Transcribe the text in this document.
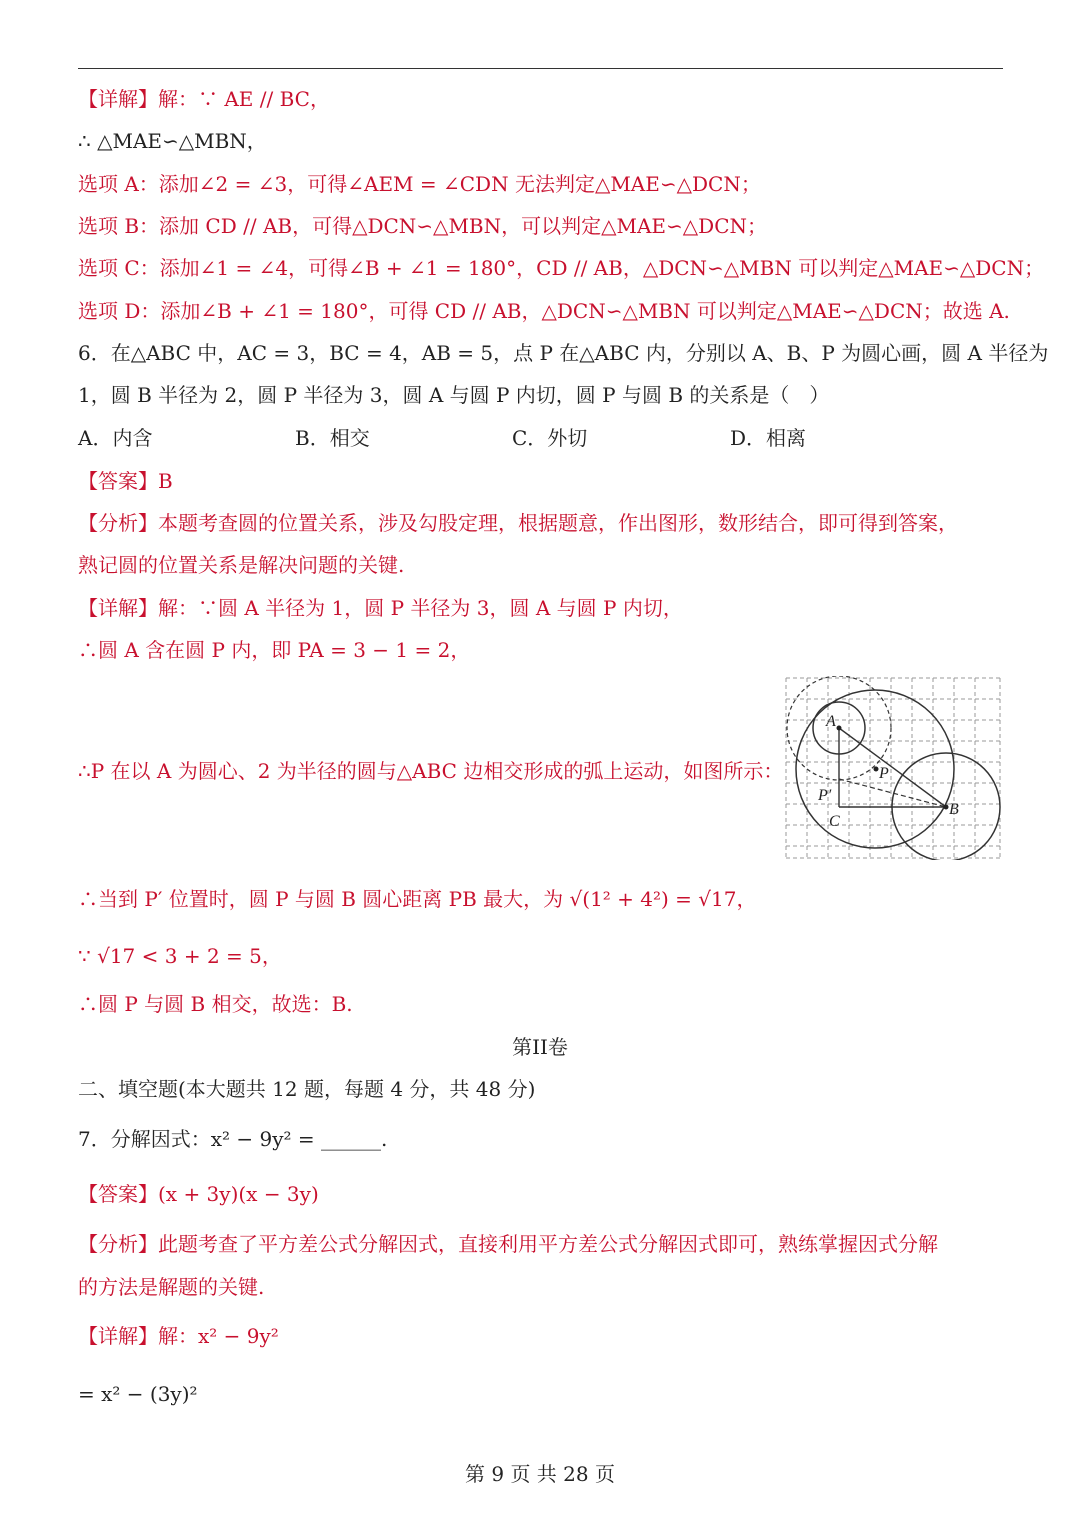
【详解】解：∵ AE // BC，
∴ △MAE∽△MBN，
选项 A：添加∠2 = ∠3，可得∠AEM = ∠CDN 无法判定△MAE∽△DCN；
选项 B：添加 CD // AB，可得△DCN∽△MBN，可以判定△MAE∽△DCN；
选项 C：添加∠1 = ∠4，可得∠B + ∠1 = 180°，CD // AB，△DCN∽△MBN 可以判定△MAE∽△DCN；
选项 D：添加∠B + ∠1 = 180°，可得 CD // AB，△DCN∽△MBN 可以判定△MAE∽△DCN；故选 A.
6．在△ABC 中，AC = 3，BC = 4，AB = 5，点 P 在△ABC 内，分别以 A、B、P 为圆心画，圆 A 半径为
1，圆 B 半径为 2，圆 P 半径为 3，圆 A 与圆 P 内切，圆 P 与圆 B 的关系是（　）
A．内含	B．相交	C．外切	D．相离
【答案】B
【分析】本题考查圆的位置关系，涉及勾股定理，根据题意，作出图形，数形结合，即可得到答案，
熟记圆的位置关系是解决问题的关键.
【详解】解：∵圆 A 半径为 1，圆 P 半径为 3，圆 A 与圆 P 内切，
∴圆 A 含在圆 P 内，即 PA = 3 − 1 = 2，
∴P 在以 A 为圆心、2 为半径的圆与△ABC 边相交形成的弧上运动，如图所示：
A
P
P′
C
B
∴当到 P′ 位置时，圆 P 与圆 B 圆心距离 PB 最大，为 √(1² + 4²) = √17，
∵ √17 < 3 + 2 = 5，
∴圆 P 与圆 B 相交，故选：B.
第II卷
二、填空题(本大题共 12 题，每题 4 分，共 48 分)
7．分解因式：x² − 9y² = ______.
【答案】(x + 3y)(x − 3y)
【分析】此题考查了平方差公式分解因式，直接利用平方差公式分解因式即可，熟练掌握因式分解
的方法是解题的关键.
【详解】解：x² − 9y²
= x² − (3y)²
第 9 页 共 28 页
